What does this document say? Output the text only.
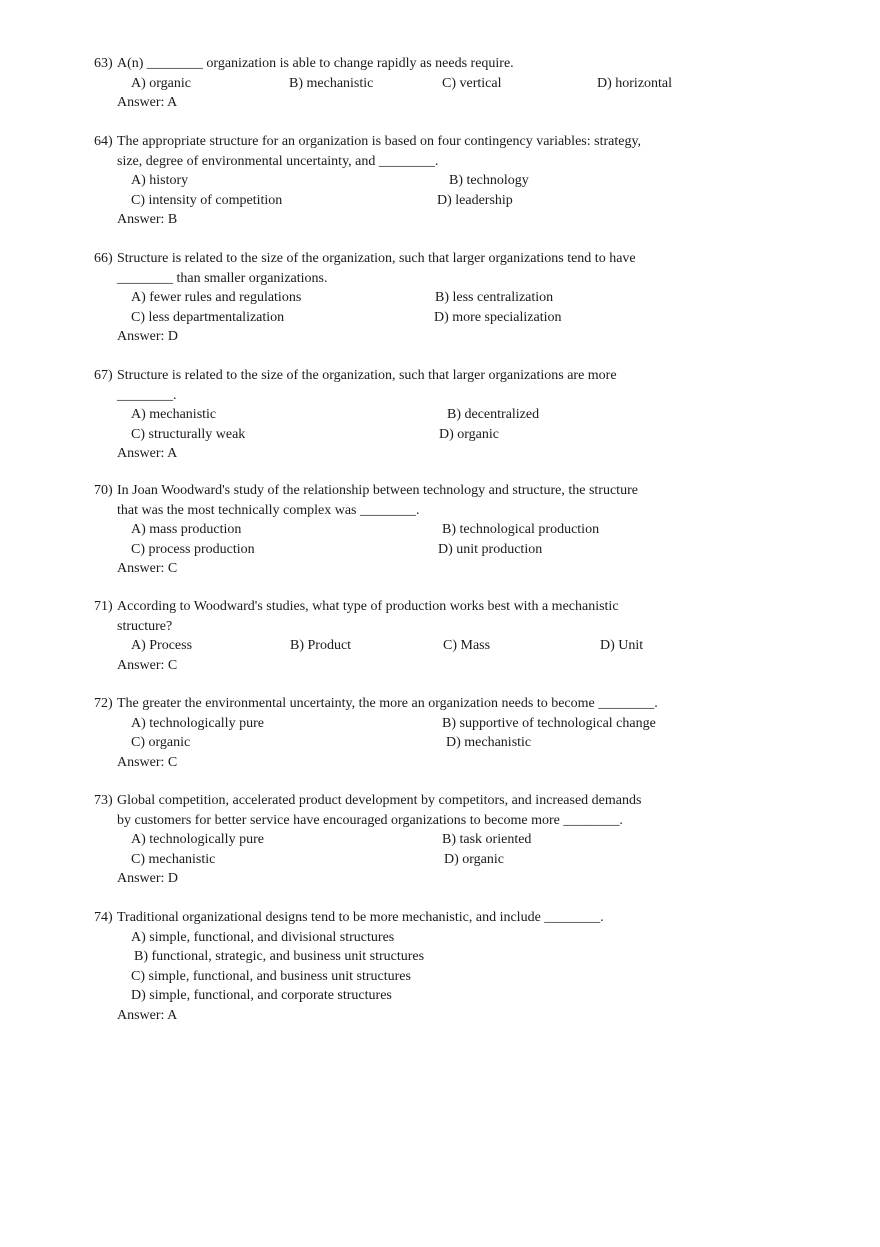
63) A(n) ________ organization is able to change rapidly as needs require.
A) organic	B) mechanistic	C) vertical	D) horizontal
Answer: A
64) The appropriate structure for an organization is based on four contingency variables: strategy,
size, degree of environmental uncertainty, and ________.
A) history	B) technology
C) intensity of competition	D) leadership
Answer: B
66) Structure is related to the size of the organization, such that larger organizations tend to have
________ than smaller organizations.
A) fewer rules and regulations	B) less centralization
C) less departmentalization	D) more specialization
Answer: D
67) Structure is related to the size of the organization, such that larger organizations are more
________.
A) mechanistic	B) decentralized
C) structurally weak	D) organic
Answer: A
70) In Joan Woodward's study of the relationship between technology and structure, the structure
that was the most technically complex was ________.
A) mass production	B) technological production
C) process production	D) unit production
Answer: C
71) According to Woodward's studies, what type of production works best with a mechanistic
structure?
A) Process	B) Product	C) Mass	D) Unit
Answer: C
72) The greater the environmental uncertainty, the more an organization needs to become ________.
A) technologically pure	B) supportive of technological change
C) organic	D) mechanistic
Answer: C
73) Global competition, accelerated product development by competitors, and increased demands
by customers for better service have encouraged organizations to become more ________.
A) technologically pure	B) task oriented
C) mechanistic	D) organic
Answer: D
74) Traditional organizational designs tend to be more mechanistic, and include ________.
A) simple, functional, and divisional structures
B) functional, strategic, and business unit structures
C) simple, functional, and business unit structures
D) simple, functional, and corporate structures
Answer: A
